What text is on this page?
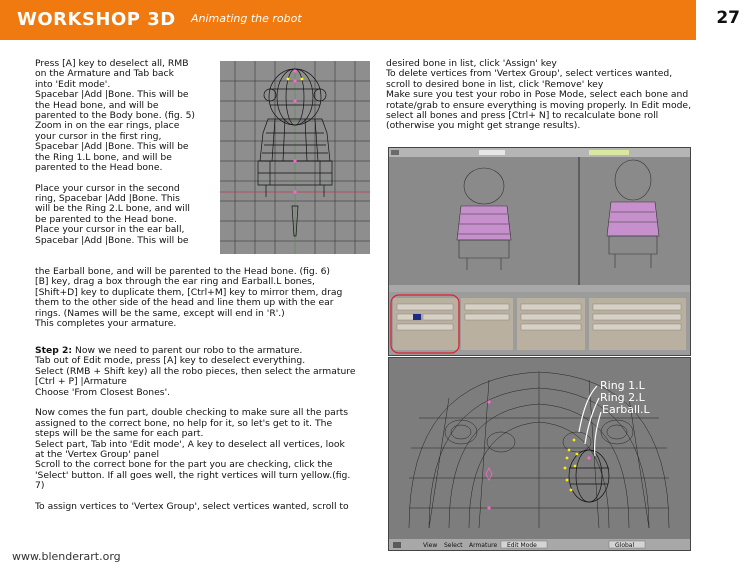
WORKSHOP 3D Animating the robot	27
Press [A] key to deselect all, RMB
on the Armature and Tab back
into 'Edit mode'.
Spacebar |Add |Bone. This will be
the Head bone, and will be
parented to the Body bone. (fig. 5)
Zoom in on the ear rings, place
your cursor in the first ring,
Spacebar |Add |Bone. This will be
the Ring 1.L bone, and will be
parented to the Head bone.
Place your cursor in the second
ring, Spacebar |Add |Bone. This
will be the Ring 2.L bone, and will
be parented to the Head bone.
Place your cursor in the ear ball,
Spacebar |Add |Bone. This will be
the Earball bone, and will be parented to the Head bone. (fig. 6)
[B] key, drag a box through the ear ring and Earball.L bones,
[Shift+D] key to duplicate them, [Ctrl+M] key to mirror them, drag
them to the other side of the head and line them up with the ear
rings. (Names will be the same, except will end in 'R'.)
This completes your armature.
Step 2: Now we need to parent our robo to the armature.
Tab out of Edit mode, press [A] key to deselect everything.
Select (RMB + Shift key) all the robo pieces, then select the armature
[Ctrl + P] |Armature
Choose 'From Closest Bones'.
Now comes the fun part, double checking to make sure all the parts
assigned to the correct bone, no help for it, so let's get to it. The
steps will be the same for each part.
Select part, Tab into 'Edit mode', A key to deselect all vertices, look
at the 'Vertex Group' panel
Scroll to the correct bone for the part you are checking, click the
'Select' button. If all goes well, the right vertices will turn yellow.(fig.
7)
To assign vertices to 'Vertex Group', select vertices wanted, scroll to
desired bone in list, click 'Assign' key
To delete vertices from 'Vertex Group', select vertices wanted,
scroll to desired bone in list, click 'Remove' key
Make sure you test your robo in Pose Mode, select each bone and
rotate/grab to ensure everything is moving properly. In Edit mode,
select all bones and press [Ctrl+ N] to recalculate bone roll
(otherwise you might get strange results).
Ring 1.L
Ring 2.L
Earball.L
View Select Armature Edit Mode	Global
www.blenderart.org
